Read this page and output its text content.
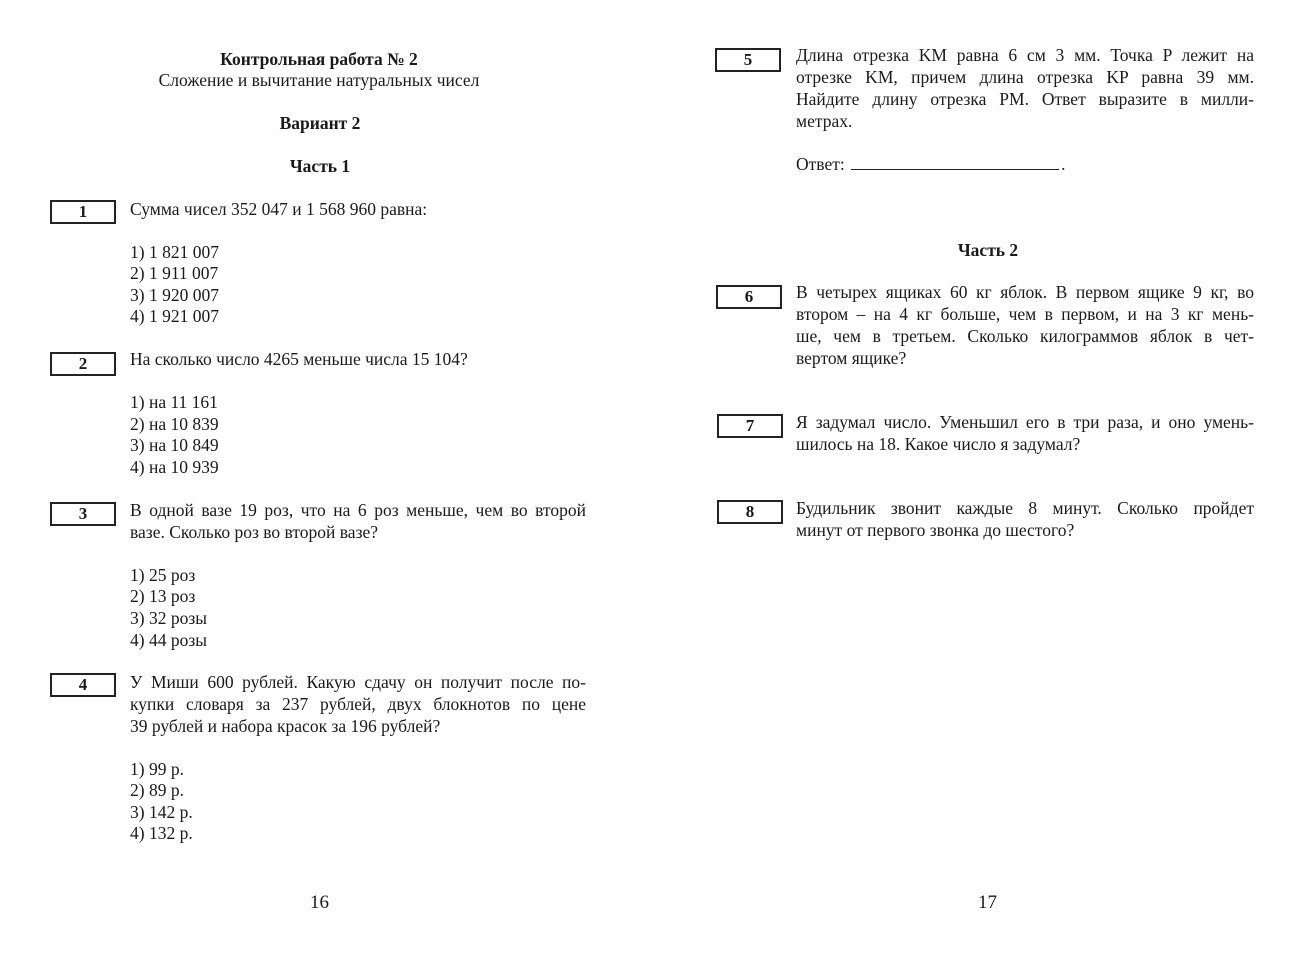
Контрольная работа № 2
Сложение и вычитание натуральных чисел
Вариант 2
Часть 1
1	Сумма чисел 352 047 и 1 568 960 равна:
1) 1 821 007
2) 1 911 007
3) 1 920 007
4) 1 921 007
2	На сколько число 4265 меньше числа 15 104?
1) на 11 161
2) на 10 839
3) на 10 849
4) на 10 939
3	В одной вазе 19 роз, что на 6 роз меньше, чем во второй
вазе. Сколько роз во второй вазе?
1) 25 роз
2) 13 роз
3) 32 розы
4) 44 розы
4	У Миши 600 рублей. Какую сдачу он получит после по-
купки словаря за 237 рублей, двух блокнотов по цене
39 рублей и набора красок за 196 рублей?
1) 99 р.
2) 89 р.
3) 142 р.
4) 132 р.
16
5	Длина отрезка KM равна 6 см 3 мм. Точка P лежит на
отрезке KM, причем длина отрезка KP равна 39 мм.
Найдите длину отрезка PM. Ответ выразите в милли-
метрах.
Ответ:	.
Часть 2
6	В четырех ящиках 60 кг яблок. В первом ящике 9 кг, во
втором – на 4 кг больше, чем в первом, и на 3 кг мень-
ше, чем в третьем. Сколько килограммов яблок в чет-
вертом ящике?
7	Я задумал число. Уменьшил его в три раза, и оно умень-
шилось на 18. Какое число я задумал?
8	Будильник звонит каждые 8 минут. Сколько пройдет
минут от первого звонка до шестого?
17
